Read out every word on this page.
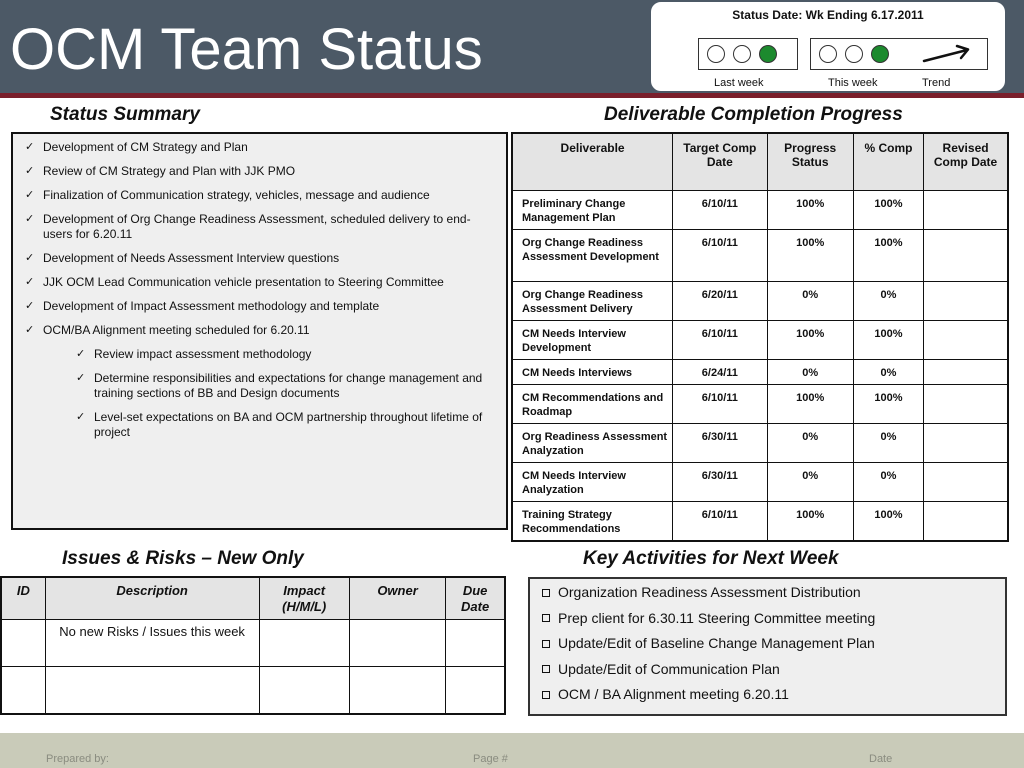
OCM Team Status
Status Date: Wk Ending 6.17.2011
Last week	This week	Trend
Status Summary	Deliverable Completion Progress
✓ Development of CM Strategy and Plan
✓ Review of CM Strategy and Plan with JJK PMO
✓ Finalization of Communication strategy, vehicles, message and audience
✓ Development of Org Change Readiness Assessment, scheduled delivery to end-users for 6.20.11
✓ Development of Needs Assessment Interview questions
✓ JJK OCM Lead Communication vehicle presentation to Steering Committee
✓ Development of Impact Assessment methodology and template
✓ OCM/BA Alignment meeting scheduled for 6.20.11
✓ Review impact assessment methodology
✓ Determine responsibilities and expectations for change management and training sections of BB and Design documents
✓ Level-set expectations on BA and OCM partnership throughout lifetime of project
Deliverable	Target Comp Date	Progress Status	% Comp	Revised Comp Date
Preliminary Change Management Plan	6/10/11	100%	100%	
Org Change Readiness Assessment Development	6/10/11	100%	100%	
Org Change Readiness Assessment Delivery	6/20/11	0%	0%	
CM Needs Interview Development	6/10/11	100%	100%	
CM Needs Interviews	6/24/11	0%	0%	
CM Recommendations and Roadmap	6/10/11	100%	100%	
Org Readiness Assessment Analyzation	6/30/11	0%	0%	
CM Needs Interview Analyzation	6/30/11	0%	0%	
Training Strategy Recommendations	6/10/11	100%	100%	
Issues & Risks – New Only	Key Activities for Next Week
ID	Description	Impact (H/M/L)	Owner	Due Date
	No new Risks / Issues this week			

Organization Readiness Assessment Distribution
Prep client for 6.30.11 Steering Committee meeting
Update/Edit of Baseline Change Management Plan
Update/Edit of Communication Plan
OCM / BA Alignment meeting 6.20.11
Prepared by:	Page #	Date
